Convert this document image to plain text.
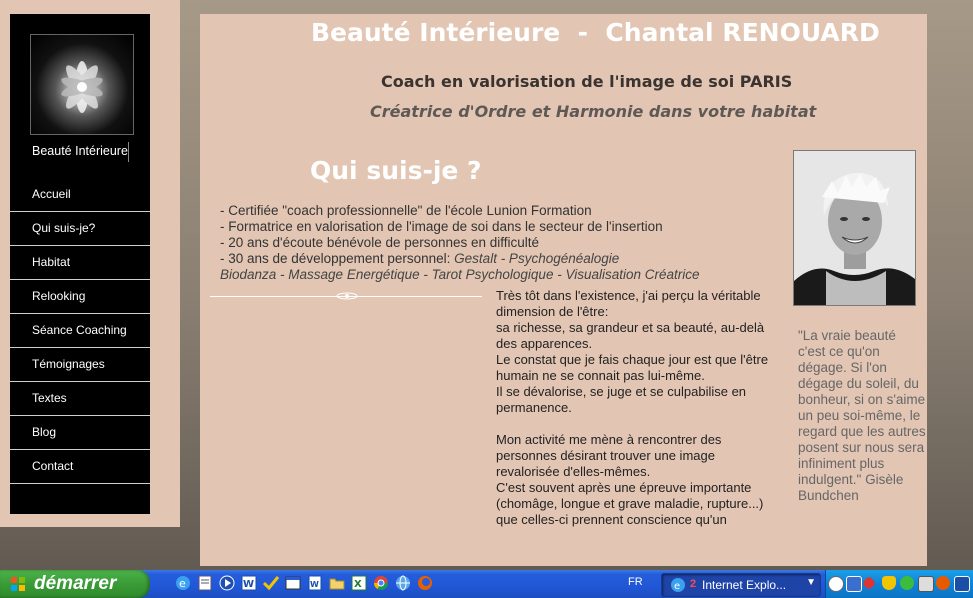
Beauté Intérieure
Accueil
Qui suis-je?
Habitat
Relooking
Séance Coaching
Témoignages
Textes
Blog
Contact
Beauté Intérieure  -  Chantal RENOUARD
Coach en valorisation de l'image de soi PARIS
Créatrice d'Ordre et Harmonie dans votre habitat
Qui suis-je ?
- Certifiée "coach professionnelle" de l'école Lunion Formation
- Formatrice en valorisation de l'image de soi dans le secteur de l'insertion
- 20 ans d'écoute bénévole de personnes en difficulté
- 30 ans de développement personnel: Gestalt - Psychogénéalogie
Biodanza - Massage Energétique - Tarot Psychologique - Visualisation Créatrice

Très tôt dans l'existence, j'ai perçu la véritable dimension de l'être:

sa richesse, sa grandeur et sa beauté, au-delà des apparences.

Le constat que je fais chaque jour est que l'être humain ne se connait pas lui-même.

Il se dévalorise, se juge et se culpabilise en permanence.

Mon activité me mène à rencontrer des personnes désirant trouver une image revalorisée d'elles-mêmes.

C'est souvent après une épreuve importante (chomâge, longue et grave maladie, rupture...)

que celles-ci prennent conscience qu'un

"La vraie beauté c'est ce qu'on dégage. Si l'on dégage du soleil, du bonheur, si on s'aime un peu soi-même, le regard que les autres posent sur nous sera infiniment plus indulgent." Gisèle Bundchen
démarrer	e	W	W	X	FR	e 2 Internet Explo... ▼
